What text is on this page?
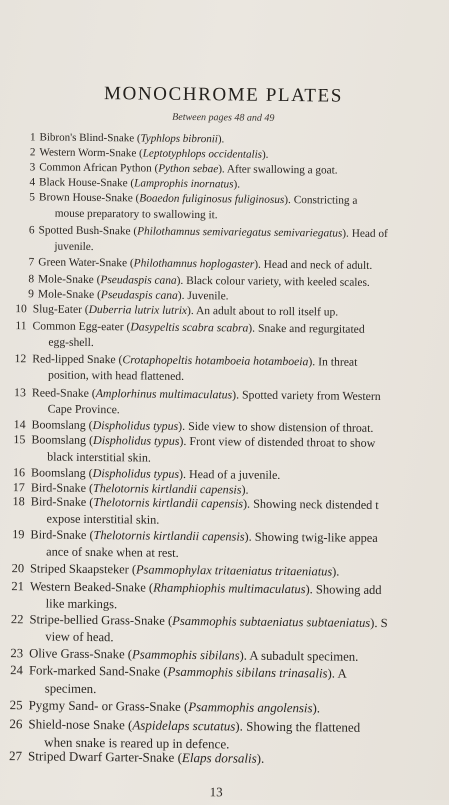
MONOCHROME PLATES
Between pages 48 and 49
1 Bibron's Blind-Snake (Typhlops bibronii).
2 Western Worm-Snake (Leptotyphlops occidentalis).
3 Common African Python (Python sebae). After swallowing a goat.
4 Black House-Snake (Lamprophis inornatus).
5 Brown House-Snake (Boaedon fuliginosus fuliginosus). Constricting a
mouse preparatory to swallowing it.
6 Spotted Bush-Snake (Philothamnus semivariegatus semivariegatus). Head of
juvenile.
7 Green Water-Snake (Philothamnus hoplogaster). Head and neck of adult.
8 Mole-Snake (Pseudaspis cana). Black colour variety, with keeled scales.
9 Mole-Snake (Pseudaspis cana). Juvenile.
10 Slug-Eater (Duberria lutrix lutrix). An adult about to roll itself up.
11 Common Egg-eater (Dasypeltis scabra scabra). Snake and regurgitated
egg-shell.
12 Red-lipped Snake (Crotaphopeltis hotamboeia hotamboeia). In threat
position, with head flattened.
13 Reed-Snake (Amplorhinus multimaculatus). Spotted variety from Western
Cape Province.
14 Boomslang (Dispholidus typus). Side view to show distension of throat.
15 Boomslang (Dispholidus typus). Front view of distended throat to show
black interstitial skin.
16 Boomslang (Dispholidus typus). Head of a juvenile.
17 Bird-Snake (Thelotornis kirtlandii capensis).
18 Bird-Snake (Thelotornis kirtlandii capensis). Showing neck distended t
expose interstitial skin.
19 Bird-Snake (Thelotornis kirtlandii capensis). Showing twig-like appea
ance of snake when at rest.
20 Striped Skaapsteker (Psammophylax tritaeniatus tritaeniatus).
21 Western Beaked-Snake (Rhamphiophis multimaculatus). Showing add
like markings.
22 Stripe-bellied Grass-Snake (Psammophis subtaeniatus subtaeniatus). S
view of head.
23 Olive Grass-Snake (Psammophis sibilans). A subadult specimen.
24 Fork-marked Sand-Snake (Psammophis sibilans trinasalis). A
specimen.
25 Pygmy Sand- or Grass-Snake (Psammophis angolensis).
26 Shield-nose Snake (Aspidelaps scutatus). Showing the flattened
when snake is reared up in defence.
27 Striped Dwarf Garter-Snake (Elaps dorsalis).
13
